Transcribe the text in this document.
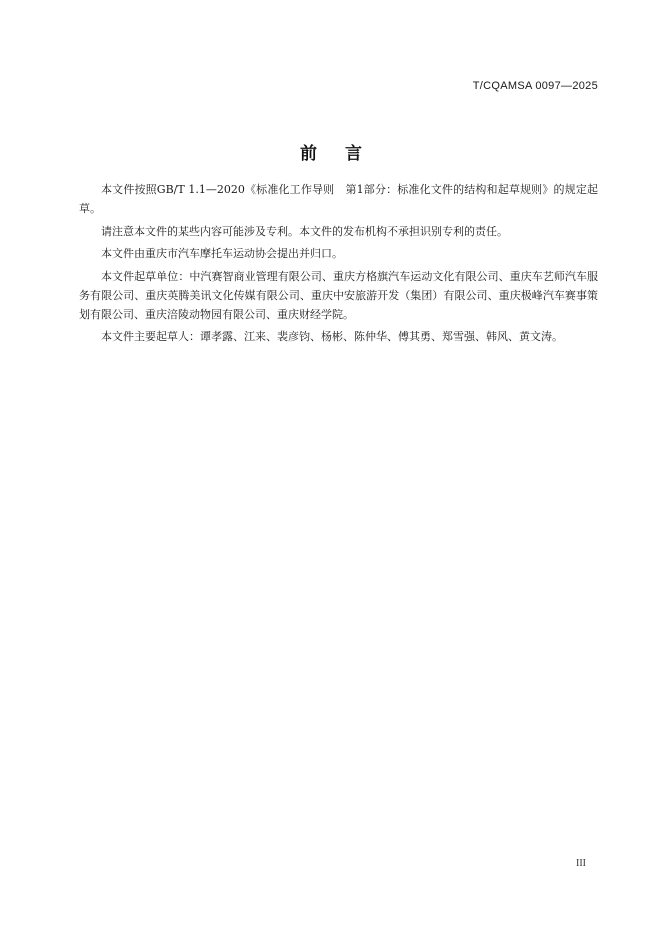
T/CQAMSA 0097—2025
前言

本文件按照GB/T 1.1—2020《标准化工作导则　第1部分：标准化文件的结构和起草规则》的规定起草。

请注意本文件的某些内容可能涉及专利。本文件的发布机构不承担识别专利的责任。

本文件由重庆市汽车摩托车运动协会提出并归口。

本文件起草单位：中汽赛智商业管理有限公司、重庆方格旗汽车运动文化有限公司、重庆车艺师汽车服务有限公司、重庆英腾美讯文化传媒有限公司、重庆中安旅游开发（集团）有限公司、重庆极峰汽车赛事策划有限公司、重庆涪陵动物园有限公司、重庆财经学院。

本文件主要起草人：谭孝露、江来、裴彦钧、杨彬、陈仲华、傅其勇、郑雪强、韩风、黄文涛。

III
